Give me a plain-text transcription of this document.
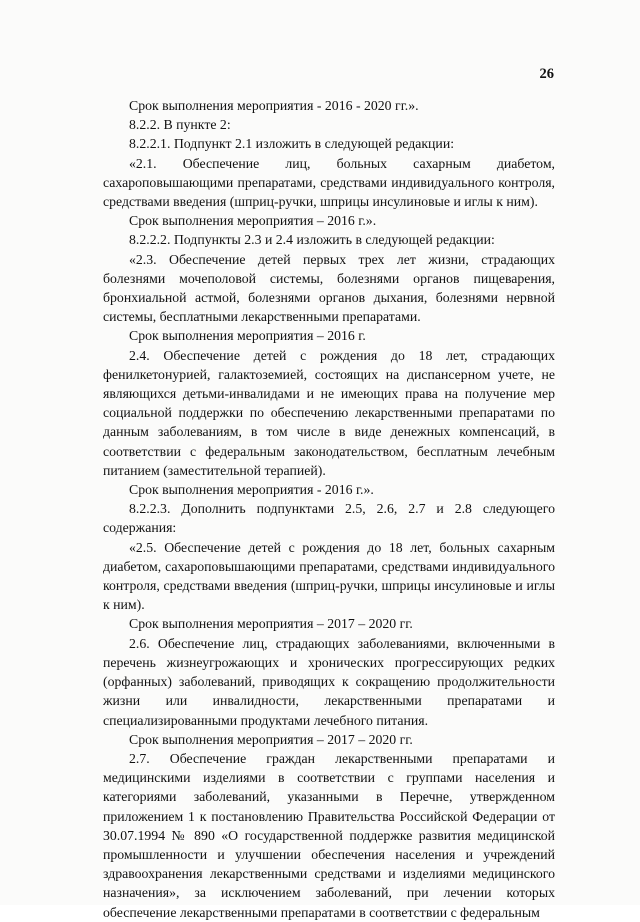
26

Срок выполнения мероприятия - 2016 - 2020 гг.».

8.2.2. В пункте 2:

8.2.2.1. Подпункт 2.1 изложить в следующей редакции:

«2.1. Обеспечение лиц, больных сахарным диабетом, сахароповышающими препаратами, средствами индивидуального контроля, средствами введения (шприц-ручки, шприцы инсулиновые и иглы к ним).

Срок выполнения мероприятия – 2016 г.».

8.2.2.2. Подпункты 2.3 и 2.4 изложить в следующей редакции:

«2.3. Обеспечение детей первых трех лет жизни, страдающих болезнями мочеполовой системы, болезнями органов пищеварения, бронхиальной астмой, болезнями органов дыхания, болезнями нервной системы, бесплатными лекарственными препаратами.

Срок выполнения мероприятия – 2016 г.

2.4. Обеспечение детей с рождения до 18 лет, страдающих фенилкетонурией, галактоземией, состоящих на диспансерном учете, не являющихся детьми-инвалидами и не имеющих права на получение мер социальной поддержки по обеспечению лекарственными препаратами по данным заболеваниям, в том числе в виде денежных компенсаций, в соответствии с федеральным законодательством, бесплатным лечебным питанием (заместительной терапией).

Срок выполнения мероприятия - 2016 г.».

8.2.2.3. Дополнить подпунктами 2.5, 2.6, 2.7 и 2.8 следующего содержания:

«2.5. Обеспечение детей с рождения до 18 лет, больных сахарным диабетом, сахароповышающими препаратами, средствами индивидуального контроля, средствами введения (шприц-ручки, шприцы инсулиновые и иглы к ним).

Срок выполнения мероприятия – 2017 – 2020 гг.

2.6. Обеспечение лиц, страдающих заболеваниями, включенными в перечень жизнеугрожающих и хронических прогрессирующих редких (орфанных) заболеваний, приводящих к сокращению продолжительности жизни или инвалидности, лекарственными препаратами и специализированными продуктами лечебного питания.

Срок выполнения мероприятия – 2017 – 2020 гг.

2.7. Обеспечение граждан лекарственными препаратами и медицинскими изделиями в соответствии с группами населения и категориями заболеваний, указанными в Перечне, утвержденном приложением 1 к постановлению Правительства Российской Федерации от 30.07.1994 № 890 «О государственной поддержке развития медицинской промышленности и улучшении обеспечения населения и учреждений здравоохранения лекарственными средствами и изделиями медицинского назначения», за исключением заболеваний, при лечении которых обеспечение лекарственными препаратами в соответствии с федеральным
